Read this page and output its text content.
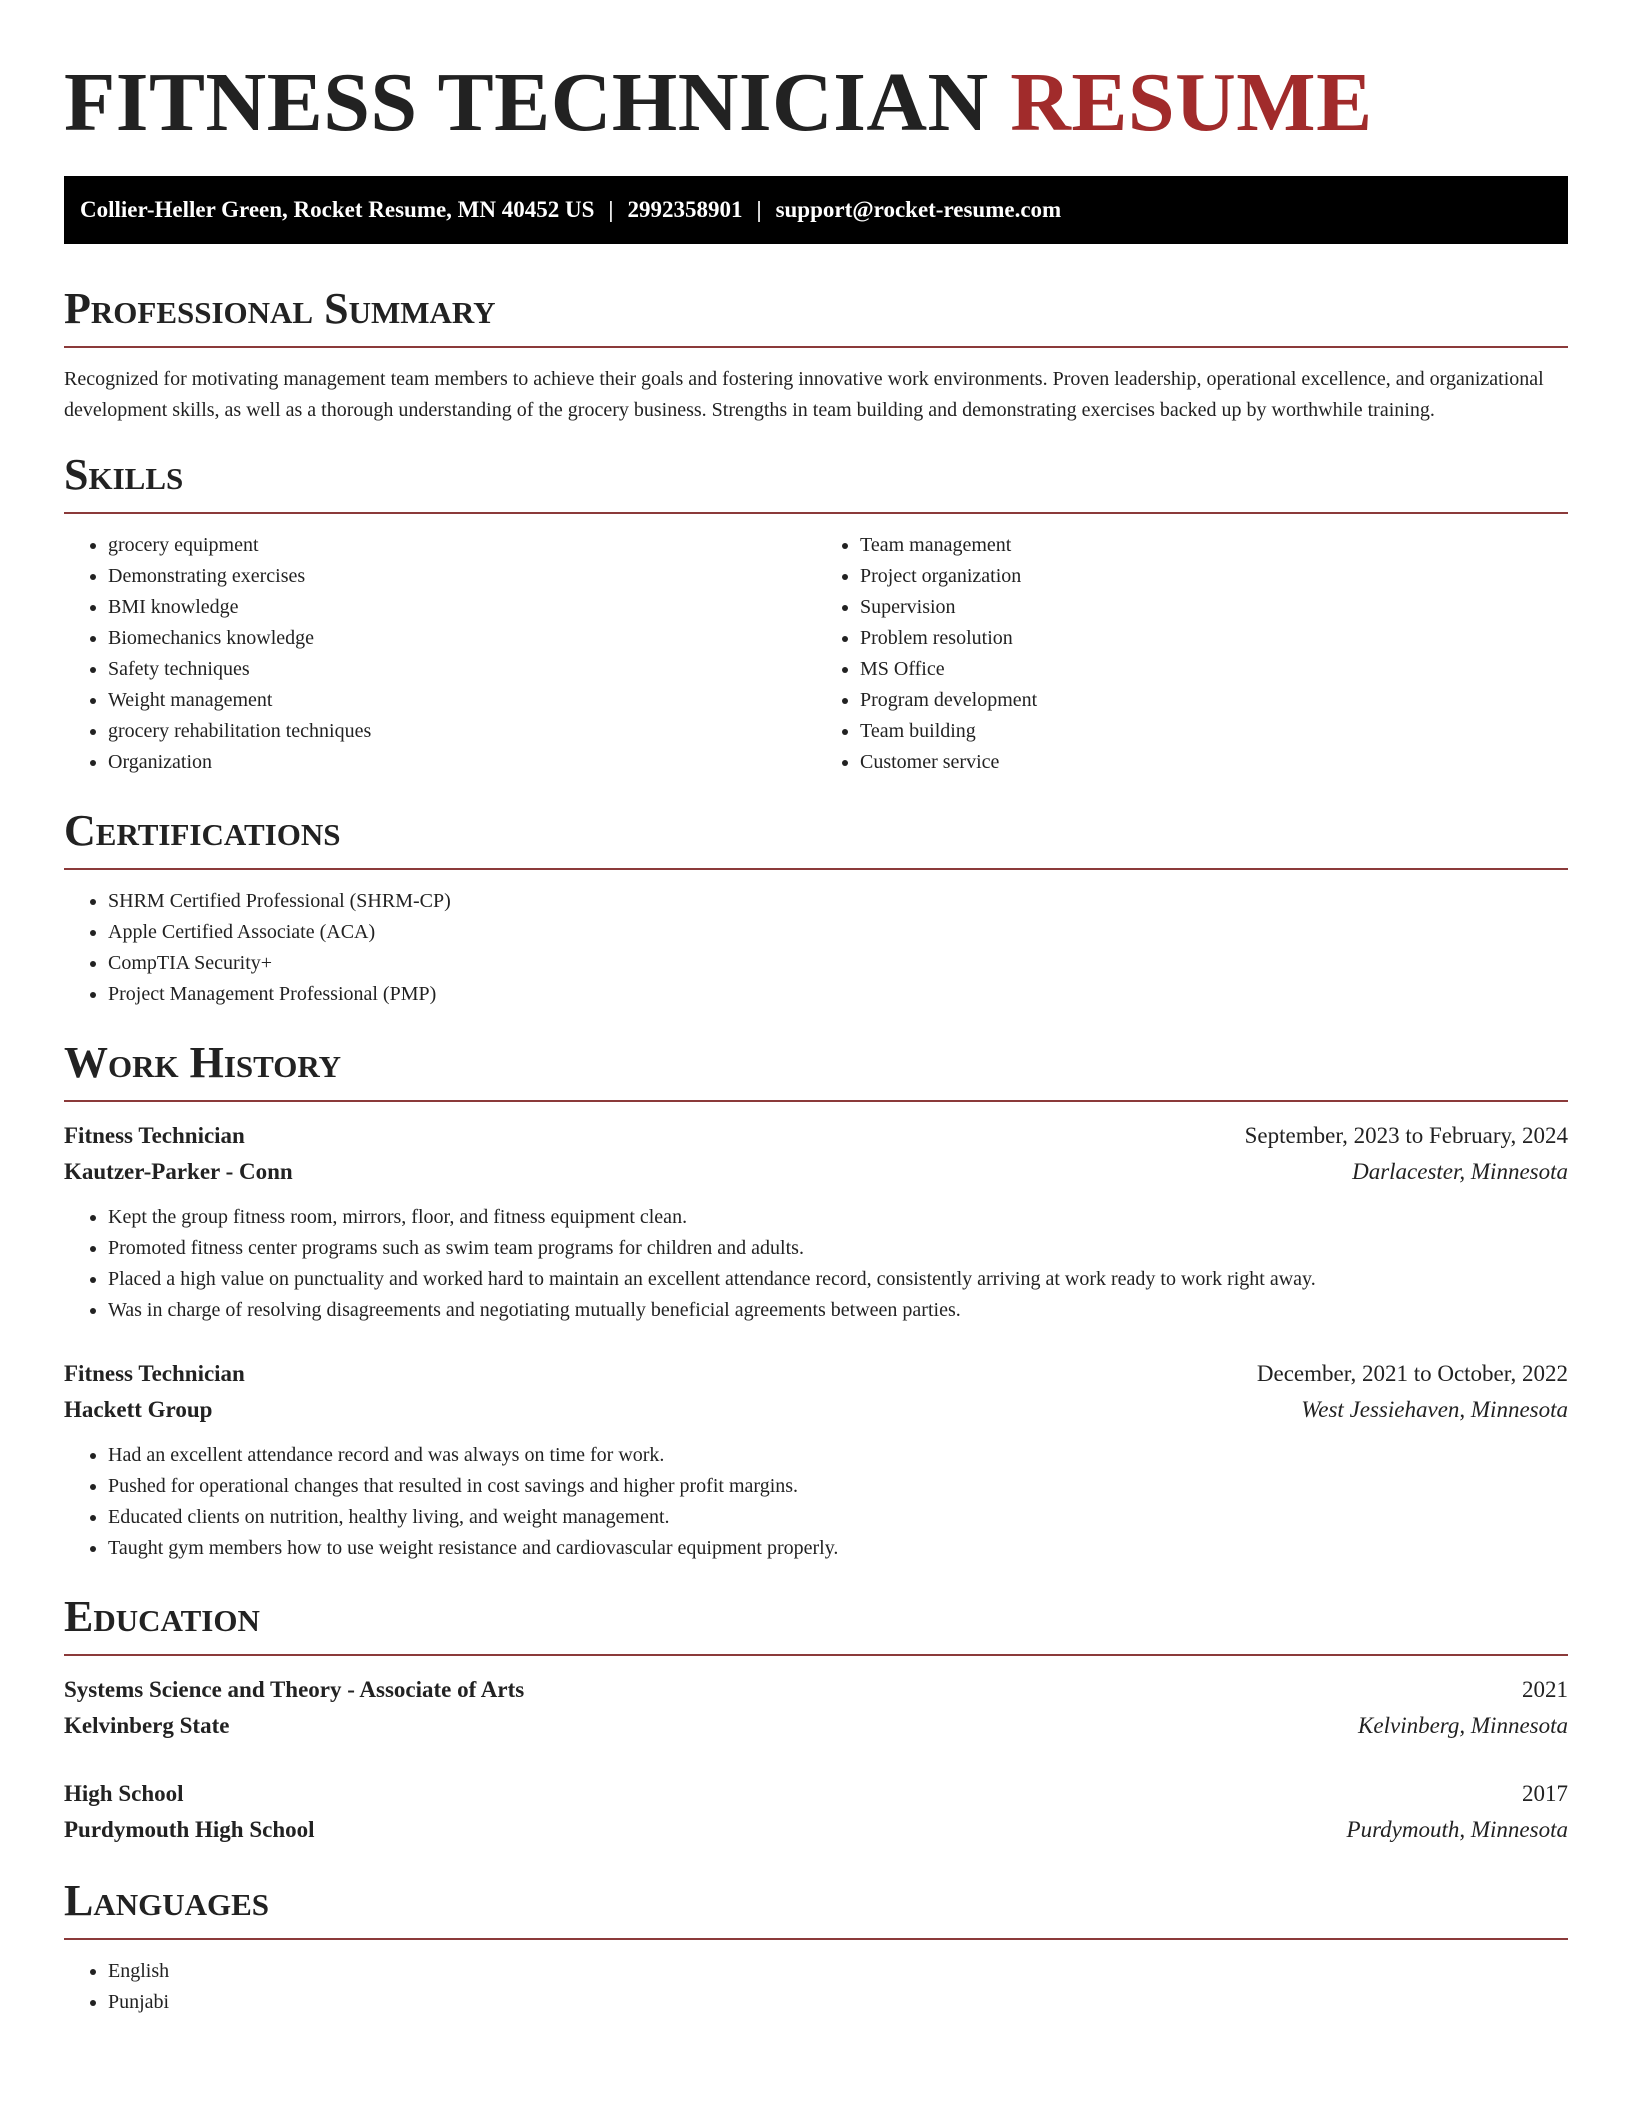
FITNESS TECHNICIAN RESUME
Collier-Heller Green, Rocket Resume, MN 40452 US | 2992358901 | support@rocket-resume.com
Professional Summary

Recognized for motivating management team members to achieve their goals and fostering innovative work environments. Proven leadership, operational excellence, and organizational development skills, as well as a thorough understanding of the grocery business. Strengths in team building and demonstrating exercises backed up by worthwhile training.

Skills
• grocery equipment
• Demonstrating exercises
• BMI knowledge
• Biomechanics knowledge
• Safety techniques
• Weight management
• grocery rehabilitation techniques
• Organization
• Team management
• Project organization
• Supervision
• Problem resolution
• MS Office
• Program development
• Team building
• Customer service
Certifications
• SHRM Certified Professional (SHRM-CP)
• Apple Certified Associate (ACA)
• CompTIA Security+
• Project Management Professional (PMP)
Work History
Fitness Technician	September, 2023 to February, 2024
Kautzer-Parker - Conn	Darlacester, Minnesota
• Kept the group fitness room, mirrors, floor, and fitness equipment clean.
• Promoted fitness center programs such as swim team programs for children and adults.
• Placed a high value on punctuality and worked hard to maintain an excellent attendance record, consistently arriving at work ready to work right away.
• Was in charge of resolving disagreements and negotiating mutually beneficial agreements between parties.
Fitness Technician	December, 2021 to October, 2022
Hackett Group	West Jessiehaven, Minnesota
• Had an excellent attendance record and was always on time for work.
• Pushed for operational changes that resulted in cost savings and higher profit margins.
• Educated clients on nutrition, healthy living, and weight management.
• Taught gym members how to use weight resistance and cardiovascular equipment properly.
Education
Systems Science and Theory - Associate of Arts	2021
Kelvinberg State	Kelvinberg, Minnesota
High School	2017
Purdymouth High School	Purdymouth, Minnesota
Languages
• English
• Punjabi
